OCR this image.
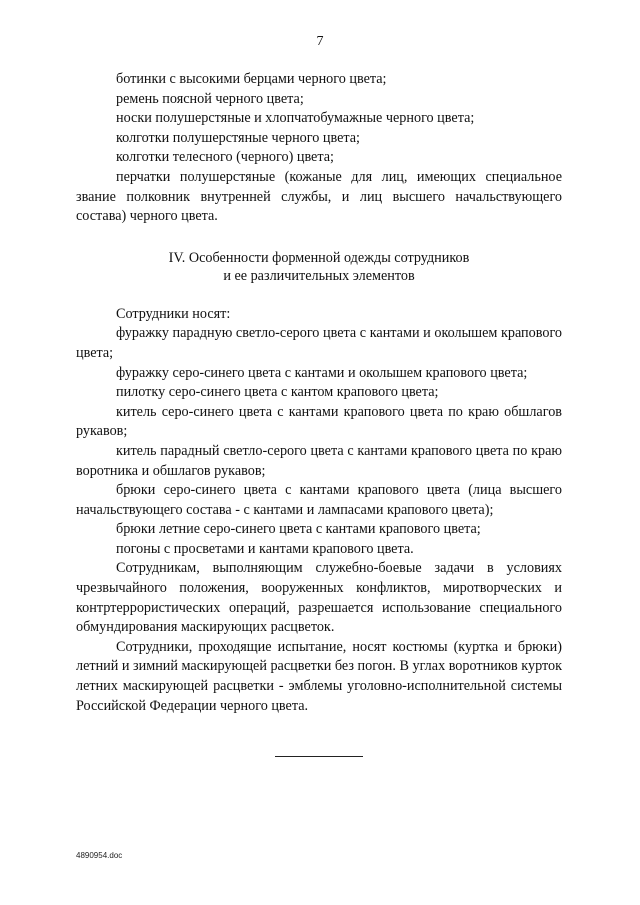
7

ботинки с высокими берцами черного цвета;

ремень поясной черного цвета;

носки полушерстяные и хлопчатобумажные черного цвета;

колготки полушерстяные черного цвета;

колготки телесного (черного) цвета;

перчатки полушерстяные (кожаные для лиц, имеющих специальное звание полковник внутренней службы, и лиц высшего начальствующего состава) черного цвета.

IV. Особенности форменной одежды сотрудников
и ее различительных элементов

Сотрудники носят:

фуражку парадную светло-серого цвета с кантами и околышем крапового цвета;

фуражку серо-синего цвета с кантами и околышем крапового цвета;

пилотку серо-синего цвета с кантом крапового цвета;

китель серо-синего цвета с кантами крапового цвета по краю обшлагов рукавов;

китель парадный светло-серого цвета с кантами крапового цвета по краю воротника и обшлагов рукавов;

брюки серо-синего цвета с кантами крапового цвета (лица высшего начальствующего состава - с кантами и лампасами крапового цвета);

брюки летние серо-синего цвета с кантами крапового цвета;

погоны с просветами и кантами крапового цвета.

Сотрудникам, выполняющим служебно-боевые задачи в условиях чрезвычайного положения, вооруженных конфликтов, миротворческих и контртеррористических операций, разрешается использование специального обмундирования маскирующих расцветок.

Сотрудники, проходящие испытание, носят костюмы (куртка и брюки) летний и зимний маскирующей расцветки без погон. В углах воротников курток летних маскирующей расцветки - эмблемы уголовно-исполнительной системы Российской Федерации черного цвета.

4890954.doc
